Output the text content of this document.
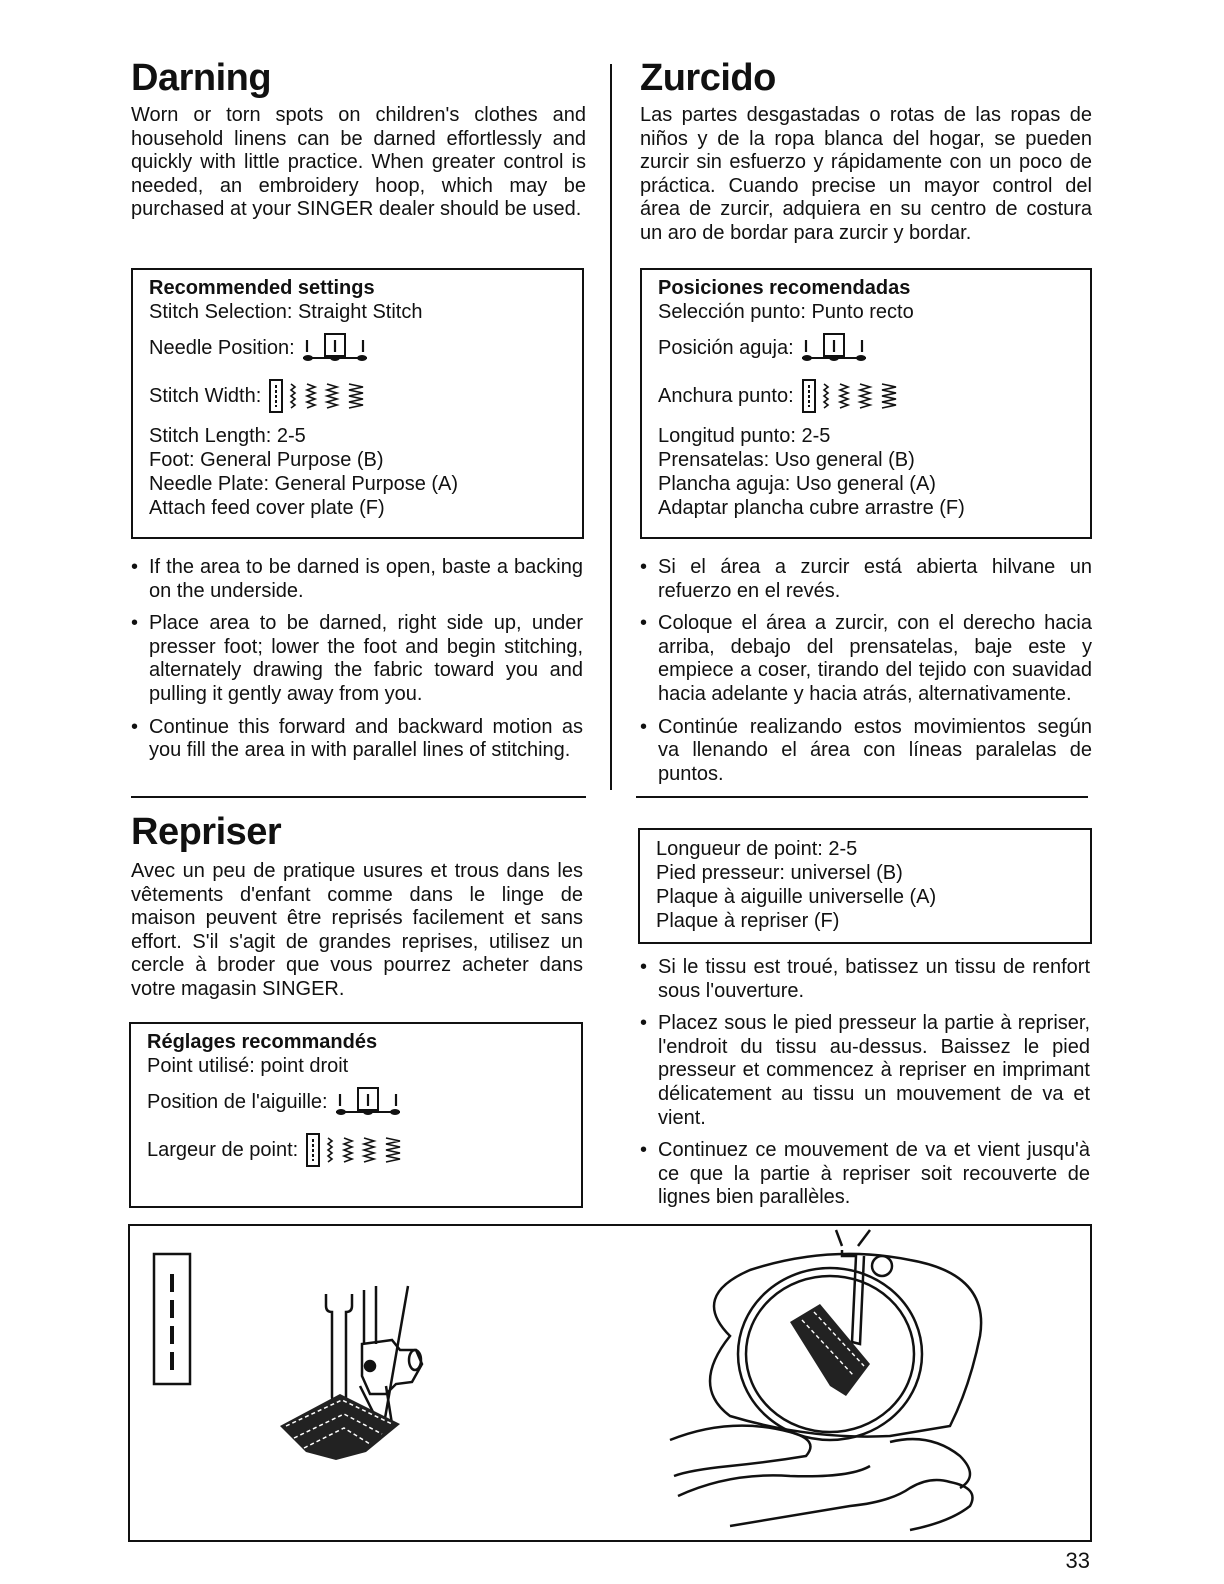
Darning

Worn or torn spots on children's clothes and household linens can be darned effortlessly and quickly with little practice. When greater control is needed, an embroidery hoop, which may be purchased at your SINGER dealer should be used.

Recommended settings
Stitch Selection: Straight Stitch
Needle Position:
Stitch Width:
Stitch Length: 2-5
Foot: General Purpose (B)
Needle Plate: General Purpose (A)
Attach feed cover plate (F)
• If the area to be darned is open, baste a backing on the underside.
• Place area to be darned, right side up, under presser foot; lower the foot and begin stitching, alternately drawing the fabric toward you and pulling it gently away from you.
• Continue this forward and backward motion as you fill the area in with parallel lines of stitching.
Zurcido

Las partes desgastadas o rotas de las ropas de niños y de la ropa blanca del hogar, se pueden zurcir sin esfuerzo y rápidamente con un poco de práctica. Cuando precise un mayor control del área de zurcir, adquiera en su centro de costura un aro de bordar para zurcir y bordar.

Posiciones recomendadas
Selección punto: Punto recto
Posición aguja:
Anchura punto:
Longitud punto: 2-5
Prensatelas: Uso general (B)
Plancha aguja: Uso general (A)
Adaptar plancha cubre arrastre (F)
• Si el área a zurcir está abierta hilvane un refuerzo en el revés.
• Coloque el área a zurcir, con el derecho hacia arriba, debajo del prensatelas, baje este y empiece a coser, tirando del tejido con suavidad hacia adelante y hacia atrás, alternativamente.
• Continúe realizando estos movimientos según va llenando el área con líneas paralelas de puntos.
Repriser

Avec un peu de pratique usures et trous dans les vêtements d'enfant comme dans le linge de maison peuvent être reprisés facilement et sans effort. S'il s'agit de grandes reprises, utilisez un cercle à broder que vous pourrez acheter dans votre magasin SINGER.

Réglages recommandés
Point utilisé: point droit
Position de l'aiguille:
Largeur de point:
Longueur de point: 2-5
Pied presseur: universel (B)
Plaque à aiguille universelle (A)
Plaque à repriser (F)
• Si le tissu est troué, batissez un tissu de renfort sous l'ouverture.
• Placez sous le pied presseur la partie à repriser, l'endroit du tissu au-dessus. Baissez le pied presseur et commencez à repriser en imprimant délicatement au tissu un mouvement de va et vient.
• Continuez ce mouvement de va et vient jusqu'à ce que la partie à repriser soit recouverte de lignes bien parallèles.
33
